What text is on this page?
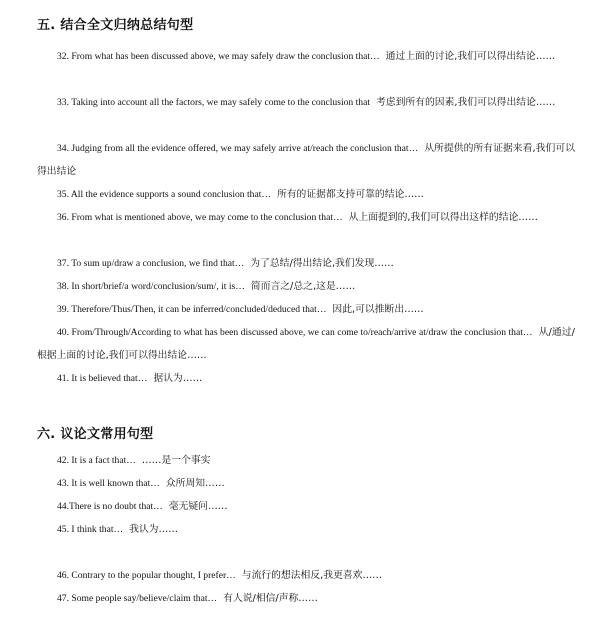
五. 结合全文归纳总结句型
32. From what has been discussed above, we may safely draw the conclusion that… 通过上面的讨论,我们可以得出结论……
33. Taking into account all the factors, we may safely come to the conclusion that 考虑到所有的因素,我们可以得出结论……
34. Judging from all the evidence offered, we may safely arrive at/reach the conclusion that… 从所提供的所有证据来看,我们可以得出结论
35. All the evidence supports a sound conclusion that… 所有的证据都支持可靠的结论……
36. From what is mentioned above, we may come to the conclusion that… 从上面提到的,我们可以得出这样的结论……
37. To sum up/draw a conclusion, we find that… 为了总结/得出结论,我们发现……
38. In short/brief/a word/conclusion/sum/, it is… 简而言之/总之,这是……
39. Therefore/Thus/Then, it can be inferred/concluded/deduced that… 因此,可以推断出……
40. From/Through/According to what has been discussed above, we can come to/reach/arrive at/draw the conclusion that… 从/通过/根据上面的讨论,我们可以得出结论……
41. It is believed that… 据认为……
六. 议论文常用句型
42. It is a fact that… ……是一个事实
43. It is well known that… 众所周知……
44.There is no doubt that… 毫无疑问……
45. I think that… 我认为……
46. Contrary to the popular thought, I prefer… 与流行的想法相反,我更喜欢……
47. Some people say/believe/claim that… 有人说/相信/声称……
